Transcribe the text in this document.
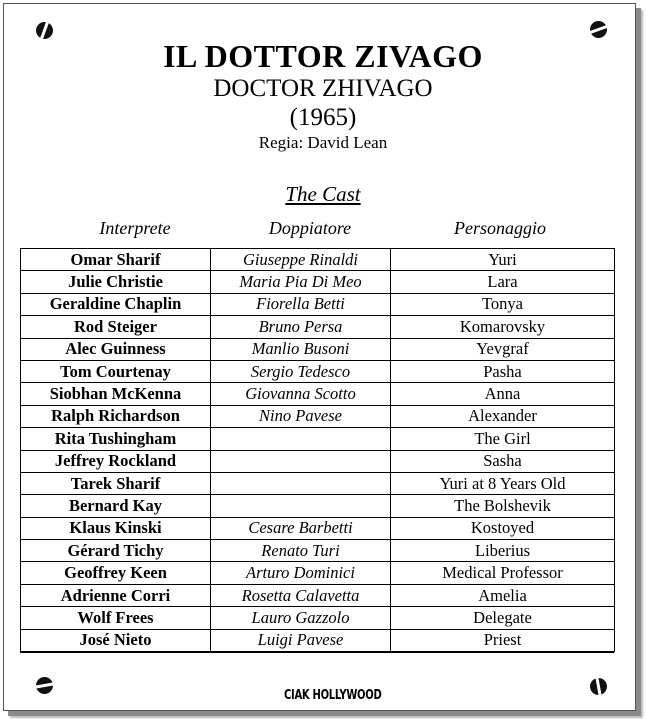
IL DOTTOR ZIVAGO
DOCTOR ZHIVAGO
(1965)
Regia: David Lean
The Cast
Interprete	Doppiatore	Personaggio
Omar Sharif	Giuseppe Rinaldi	Yuri
Julie Christie	Maria Pia Di Meo	Lara
Geraldine Chaplin	Fiorella Betti	Tonya
Rod Steiger	Bruno Persa	Komarovsky
Alec Guinness	Manlio Busoni	Yevgraf
Tom Courtenay	Sergio Tedesco	Pasha
Siobhan McKenna	Giovanna Scotto	Anna
Ralph Richardson	Nino Pavese	Alexander
Rita Tushingham		The Girl
Jeffrey Rockland		Sasha
Tarek Sharif		Yuri at 8 Years Old
Bernard Kay		The Bolshevik
Klaus Kinski	Cesare Barbetti	Kostoyed
Gérard Tichy	Renato Turi	Liberius
Geoffrey Keen	Arturo Dominici	Medical Professor
Adrienne Corri	Rosetta Calavetta	Amelia
Wolf Frees	Lauro Gazzolo	Delegate
José Nieto	Luigi Pavese	Priest
CIAK HOLLYWOOD
